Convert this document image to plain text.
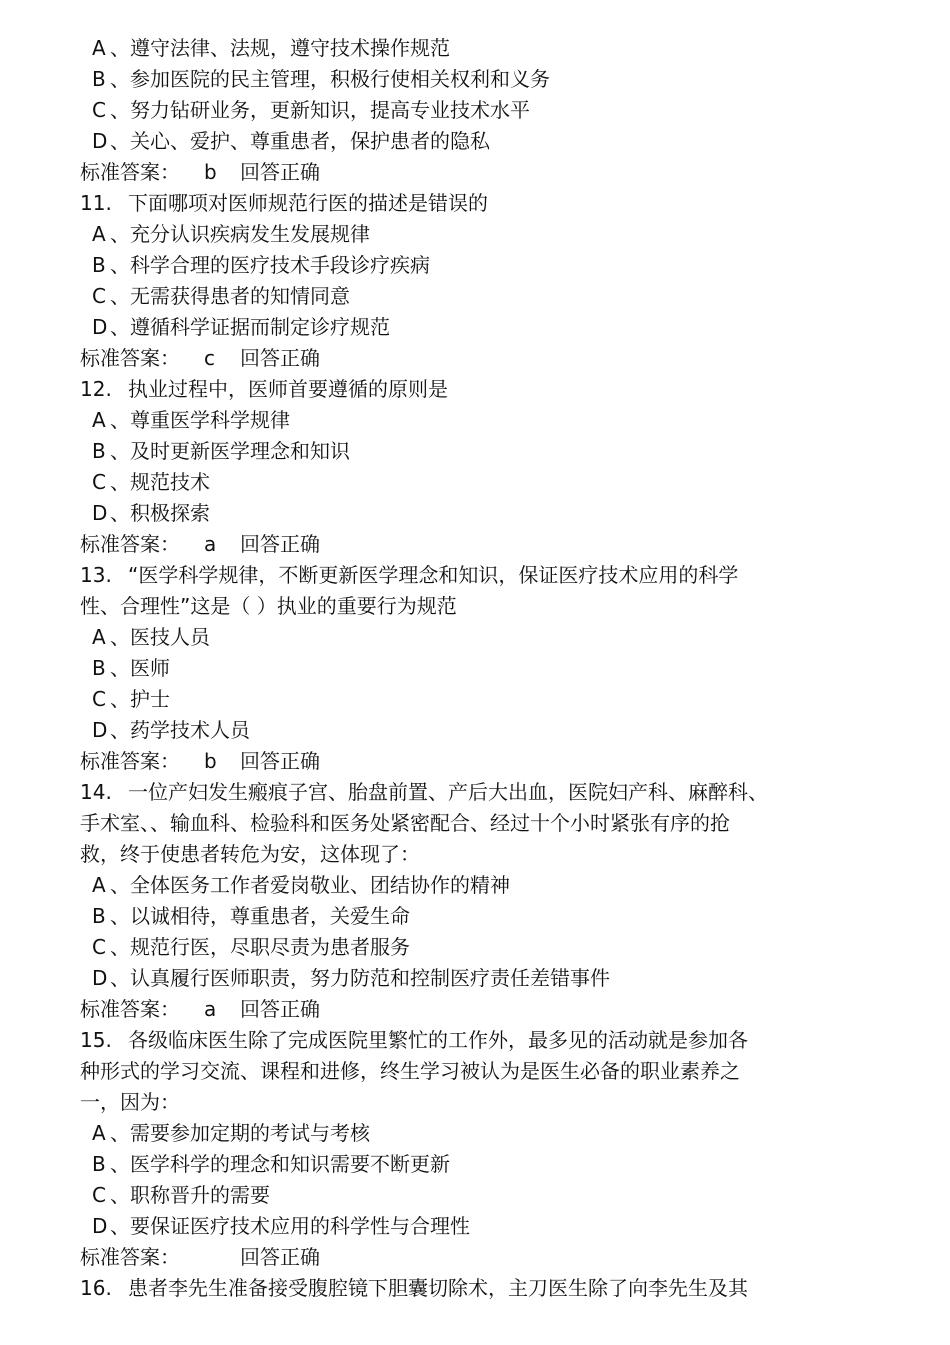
A 、遵守法律、法规，遵守技术操作规范
B 、参加医院的民主管理，积极行使相关权利和义务
C 、努力钻研业务，更新知识，提高专业技术水平
D 、关心、爱护、尊重患者，保护患者的隐私
标准答案： b 回答正确
11. 下面哪项对医师规范行医的描述是错误的
A 、充分认识疾病发生发展规律
B 、科学合理的医疗技术手段诊疗疾病
C 、无需获得患者的知情同意
D 、遵循科学证据而制定诊疗规范
标准答案： c 回答正确
12. 执业过程中，医师首要遵循的原则是
A 、尊重医学科学规律
B 、及时更新医学理念和知识
C 、规范技术
D 、积极探索
标准答案： a 回答正确
13. “医学科学规律，不断更新医学理念和知识，保证医疗技术应用的科学
性、合理性”这是（ ）执业的重要行为规范
A 、医技人员
B 、医师
C 、护士
D 、药学技术人员
标准答案： b 回答正确
14. 一位产妇发生瘢痕子宫、胎盘前置、产后大出血，医院妇产科、麻醉科、
手术室、、输血科、检验科和医务处紧密配合、经过十个小时紧张有序的抢
救，终于使患者转危为安，这体现了：
A 、全体医务工作者爱岗敬业、团结协作的精神
B 、以诚相待，尊重患者，关爱生命
C 、规范行医，尽职尽责为患者服务
D 、认真履行医师职责，努力防范和控制医疗责任差错事件
标准答案： a 回答正确
15. 各级临床医生除了完成医院里繁忙的工作外，最多见的活动就是参加各
种形式的学习交流、课程和进修，终生学习被认为是医生必备的职业素养之
一，因为：
A 、需要参加定期的考试与考核
B 、医学科学的理念和知识需要不断更新
C 、职称晋升的需要
D 、要保证医疗技术应用的科学性与合理性
标准答案：	回答正确
16. 患者李先生准备接受腹腔镜下胆囊切除术，主刀医生除了向李先生及其
